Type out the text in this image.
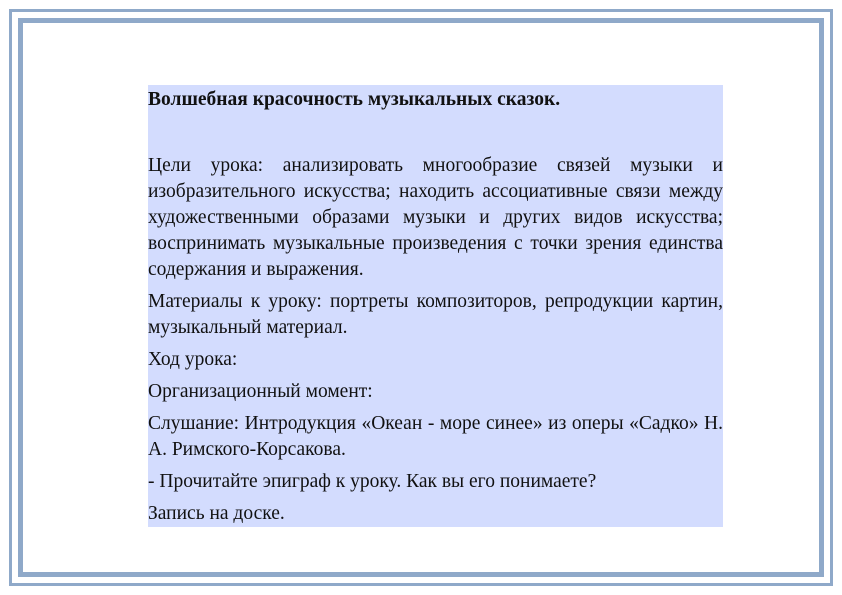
Волшебная красочность музыкальных сказок.

Цели урока: анализировать многообразие связей музыки и изобразительного искусства; находить ассоциативные связи между художественными образами музыки и других видов искусства; воспринимать музыкальные произведения с точки зрения единства содержания и выражения.

Материалы к уроку: портреты композиторов, репродукции картин, музыкальный материал.

Ход урока:

Организационный момент:

Слушание: Интродукция «Океан - море синее» из оперы «Садко» Н. А. Римского-Корсакова.

- Прочитайте эпиграф к уроку. Как вы его понимаете?

Запись на доске.
